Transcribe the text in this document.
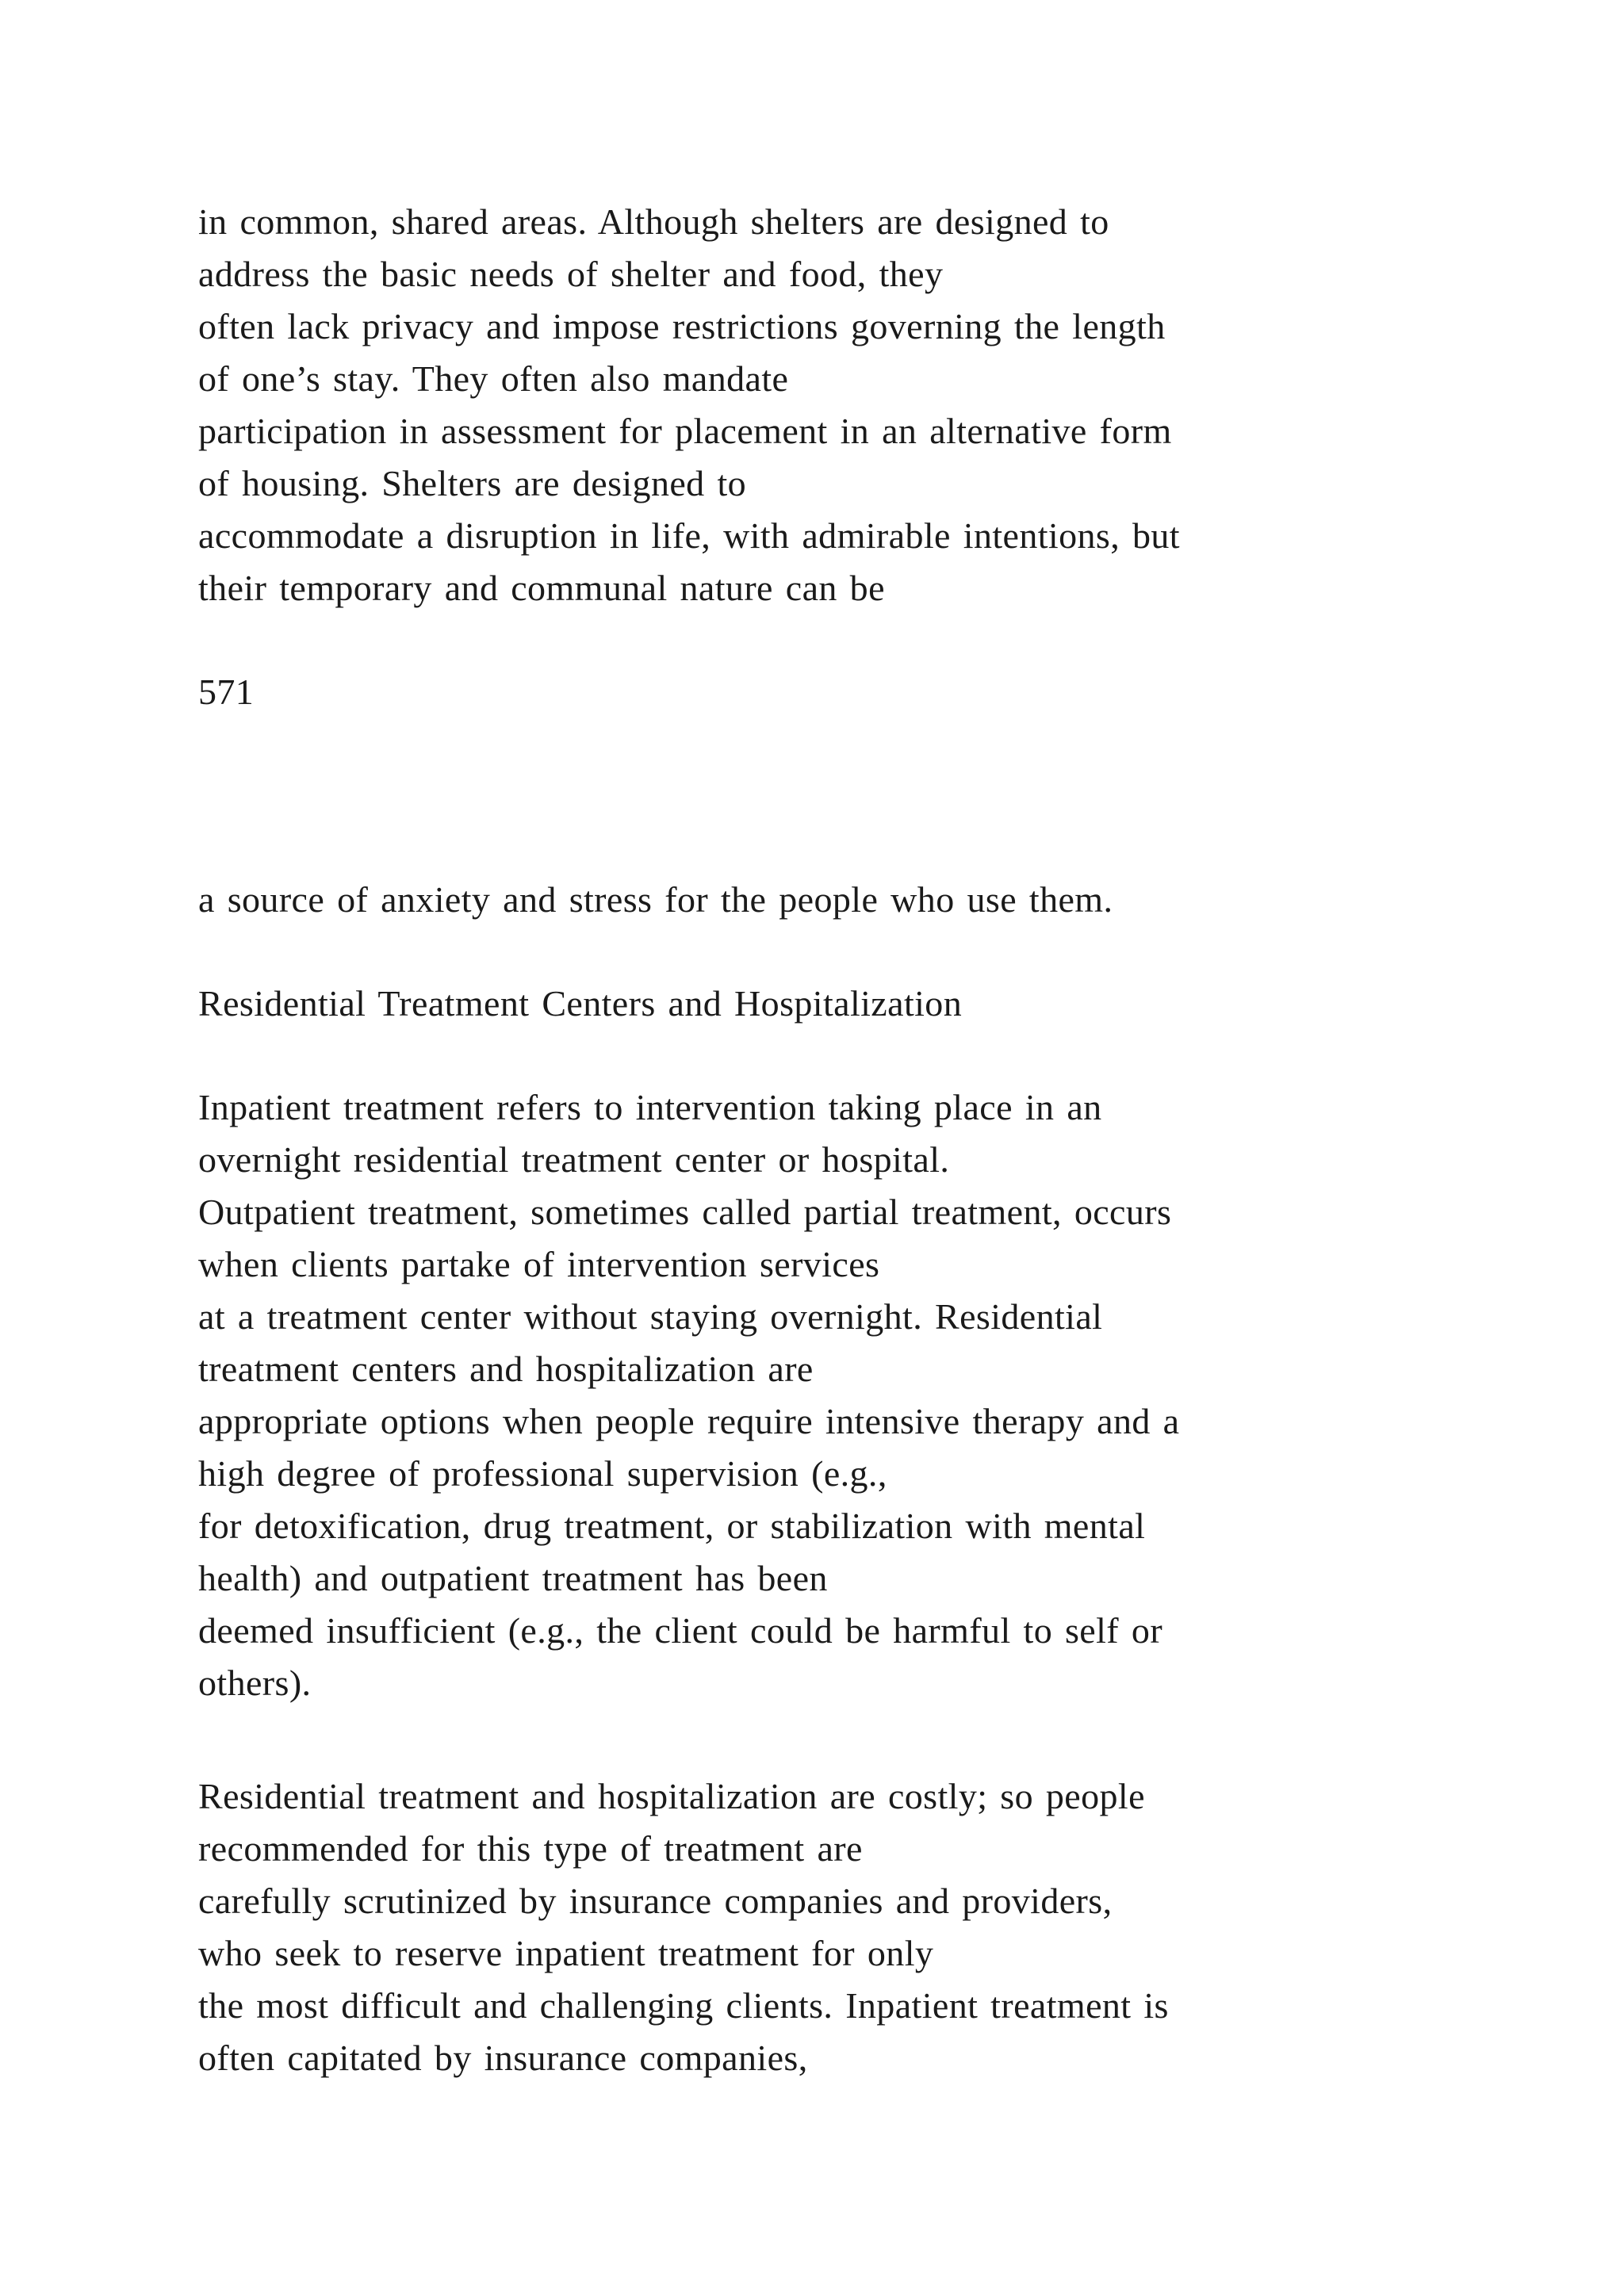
in common, shared areas. Although shelters are designed to
address the basic needs of shelter and food, they
often lack privacy and impose restrictions governing the length
of one’s stay. They often also mandate
participation in assessment for placement in an alternative form
of housing. Shelters are designed to
accommodate a disruption in life, with admirable intentions, but
their temporary and communal nature can be
571
a source of anxiety and stress for the people who use them.
Residential Treatment Centers and Hospitalization
Inpatient treatment refers to intervention taking place in an
overnight residential treatment center or hospital.
Outpatient treatment, sometimes called partial treatment, occurs
when clients partake of intervention services
at a treatment center without staying overnight. Residential
treatment centers and hospitalization are
appropriate options when people require intensive therapy and a
high degree of professional supervision (e.g.,
for detoxification, drug treatment, or stabilization with mental
health) and outpatient treatment has been
deemed insufficient (e.g., the client could be harmful to self or
others).
Residential treatment and hospitalization are costly; so people
recommended for this type of treatment are
carefully scrutinized by insurance companies and providers,
who seek to reserve inpatient treatment for only
the most difficult and challenging clients. Inpatient treatment is
often capitated by insurance companies,
